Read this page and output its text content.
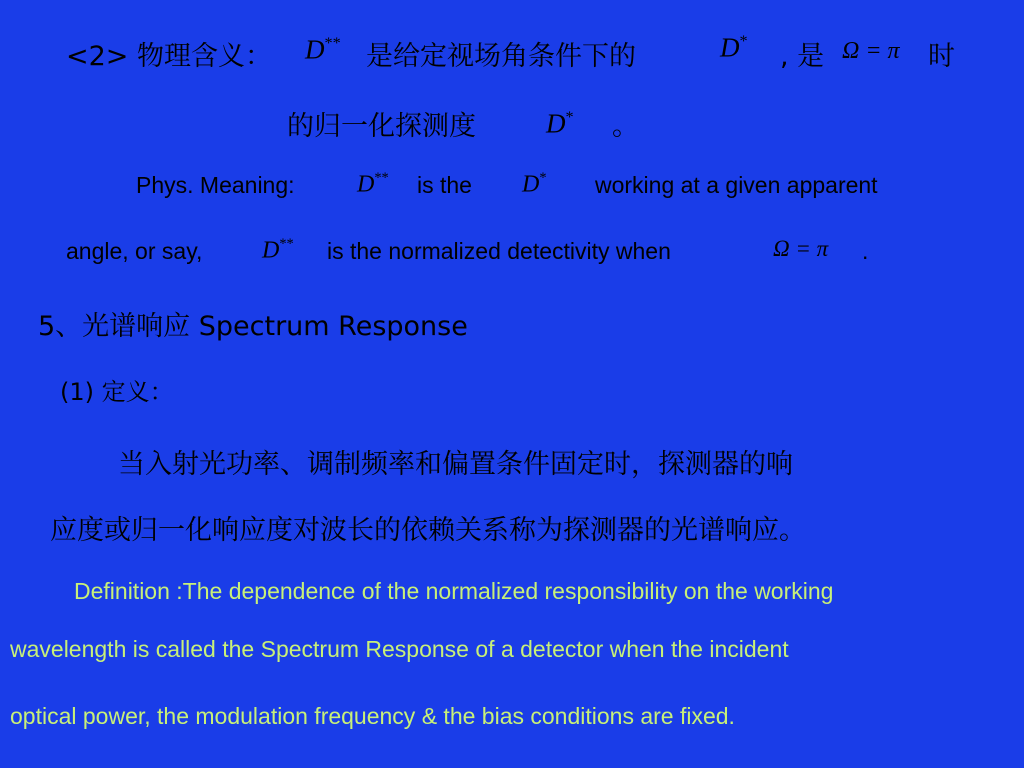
<2> 物理含义： D** 是给定视场角条件下的	D* , 是 Ω = π 时
的归一化探测度	D* 。
Phys. Meaning:	D** is the D* working at a given apparent
angle, or say, D** is the normalized detectivity when	Ω = π .
5、光谱响应 Spectrum Response
(1) 定义：
当入射光功率、调制频率和偏置条件固定时，探测器的响
应度或归一化响应度对波长的依赖关系称为探测器的光谱响应。
Definition :The dependence of the normalized responsibility on the working
wavelength is called the Spectrum Response of a detector when the incident
optical power, the modulation frequency & the bias conditions are fixed.
